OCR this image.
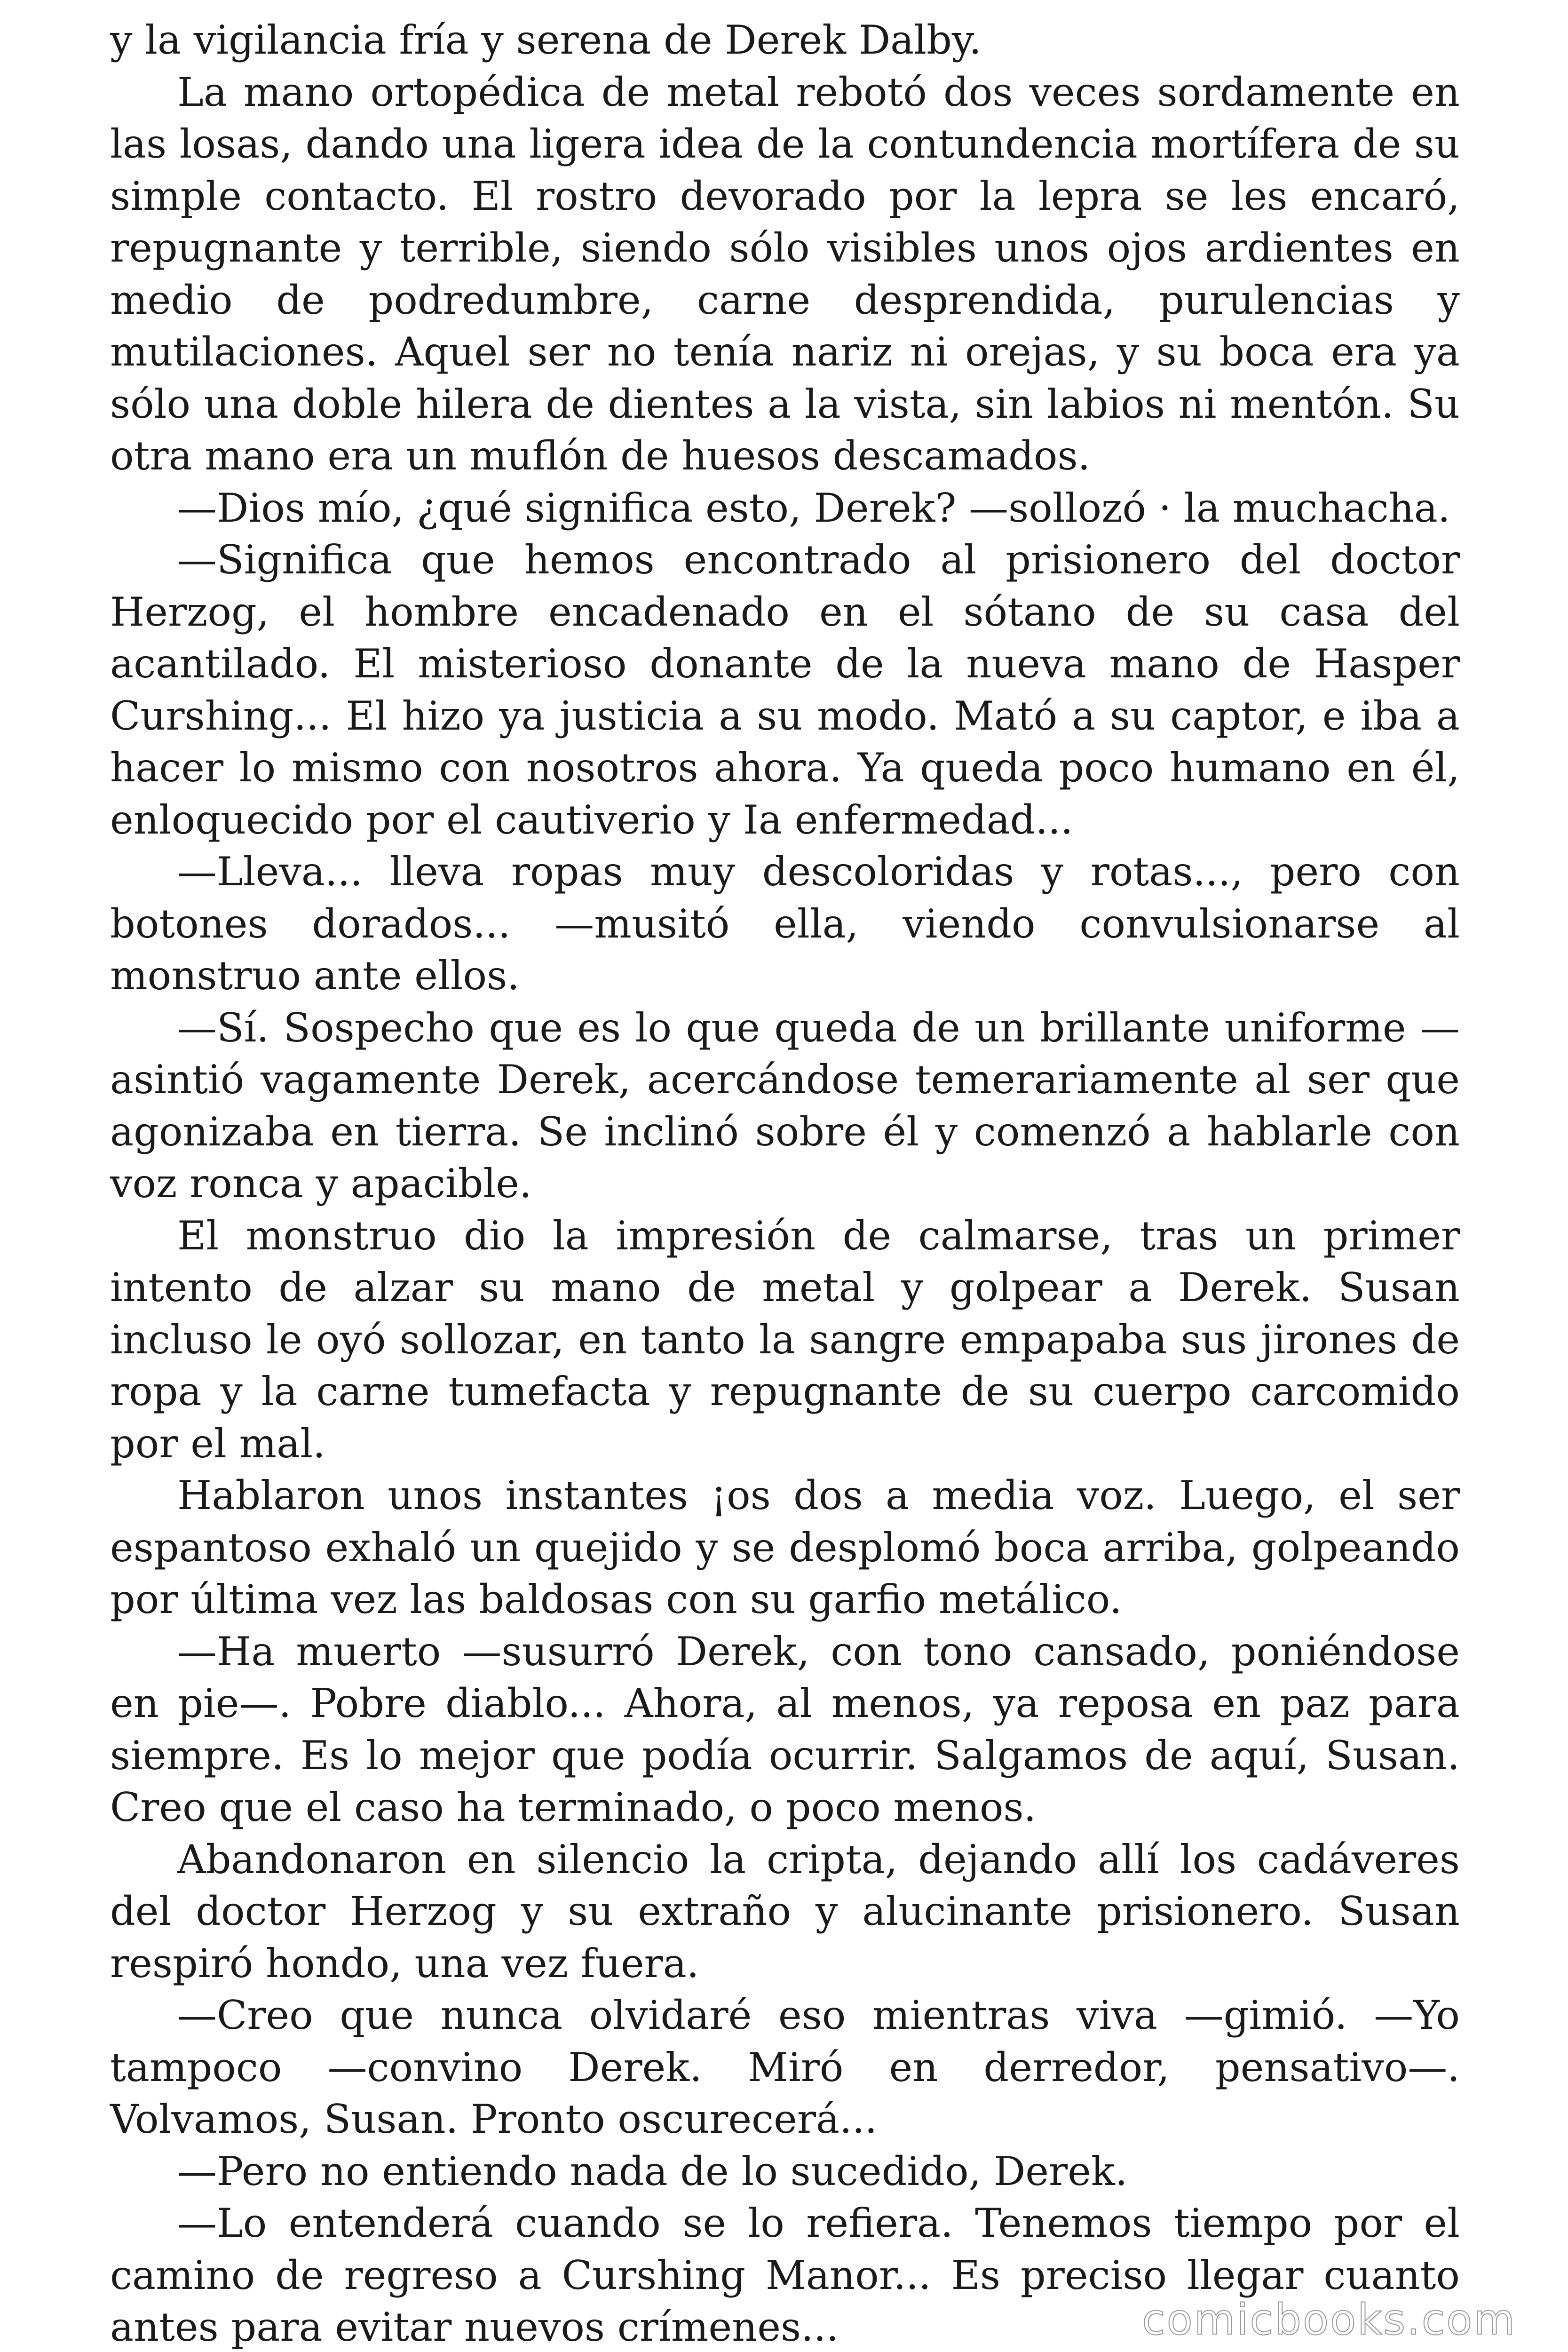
y la vigilancia fría y serena de Derek Dalby.

La mano ortopédica de metal rebotó dos veces sordamente en las losas, dando una ligera idea de la contundencia mortífera de su simple contacto. El rostro devorado por la lepra se les encaró, repugnante y terrible, siendo sólo visibles unos ojos ardientes en medio de podredumbre, carne desprendida, purulencias y mutilaciones. Aquel ser no tenía nariz ni orejas, y su boca era ya sólo una doble hilera de dientes a la vista, sin labios ni mentón. Su otra mano era un muflón de huesos descamados.

—Dios mío, ¿qué significa esto, Derek? —sollozó · la muchacha.

—Significa que hemos encontrado al prisionero del doctor Herzog, el hombre encadenado en el sótano de su casa del acantilado. El misterioso donante de la nueva mano de Hasper Curshing... El hizo ya justicia a su modo. Mató a su captor, e iba a hacer lo mismo con nosotros ahora. Ya queda poco humano en él, enloquecido por el cautiverio y Ia enfermedad...

—Lleva... lleva ropas muy descoloridas y rotas..., pero con botones dorados... —musitó ella, viendo convulsionarse al monstruo ante ellos.

—Sí. Sospecho que es lo que queda de un brillante uniforme —asintió vagamente Derek, acercándose temerariamente al ser que agonizaba en tierra. Se inclinó sobre él y comenzó a hablarle con voz ronca y apacible.

El monstruo dio la impresión de calmarse, tras un primer intento de alzar su mano de metal y golpear a Derek. Susan incluso le oyó sollozar, en tanto la sangre empapaba sus jirones de ropa y la carne tumefacta y repugnante de su cuerpo carcomido por el mal.

Hablaron unos instantes ¡os dos a media voz. Luego, el ser espantoso exhaló un quejido y se desplomó boca arriba, golpeando por última vez las baldosas con su garfio metálico.

—Ha muerto —susurró Derek, con tono cansado, poniéndose en pie—. Pobre diablo... Ahora, al menos, ya reposa en paz para siempre. Es lo mejor que podía ocurrir. Salgamos de aquí, Susan. Creo que el caso ha terminado, o poco menos.

Abandonaron en silencio la cripta, dejando allí los cadáveres del doctor Herzog y su extraño y alucinante prisionero. Susan respiró hondo, una vez fuera.

—Creo que nunca olvidaré eso mientras viva —gimió. —Yo tampoco —convino Derek. Miró en derredor, pensativo—. Volvamos, Susan. Pronto oscurecerá...

—Pero no entiendo nada de lo sucedido, Derek.

—Lo entenderá cuando se lo refiera. Tenemos tiempo por el camino de regreso a Curshing Manor... Es preciso llegar cuanto antes para evitar nuevos crímenes...	comicbooks.com
